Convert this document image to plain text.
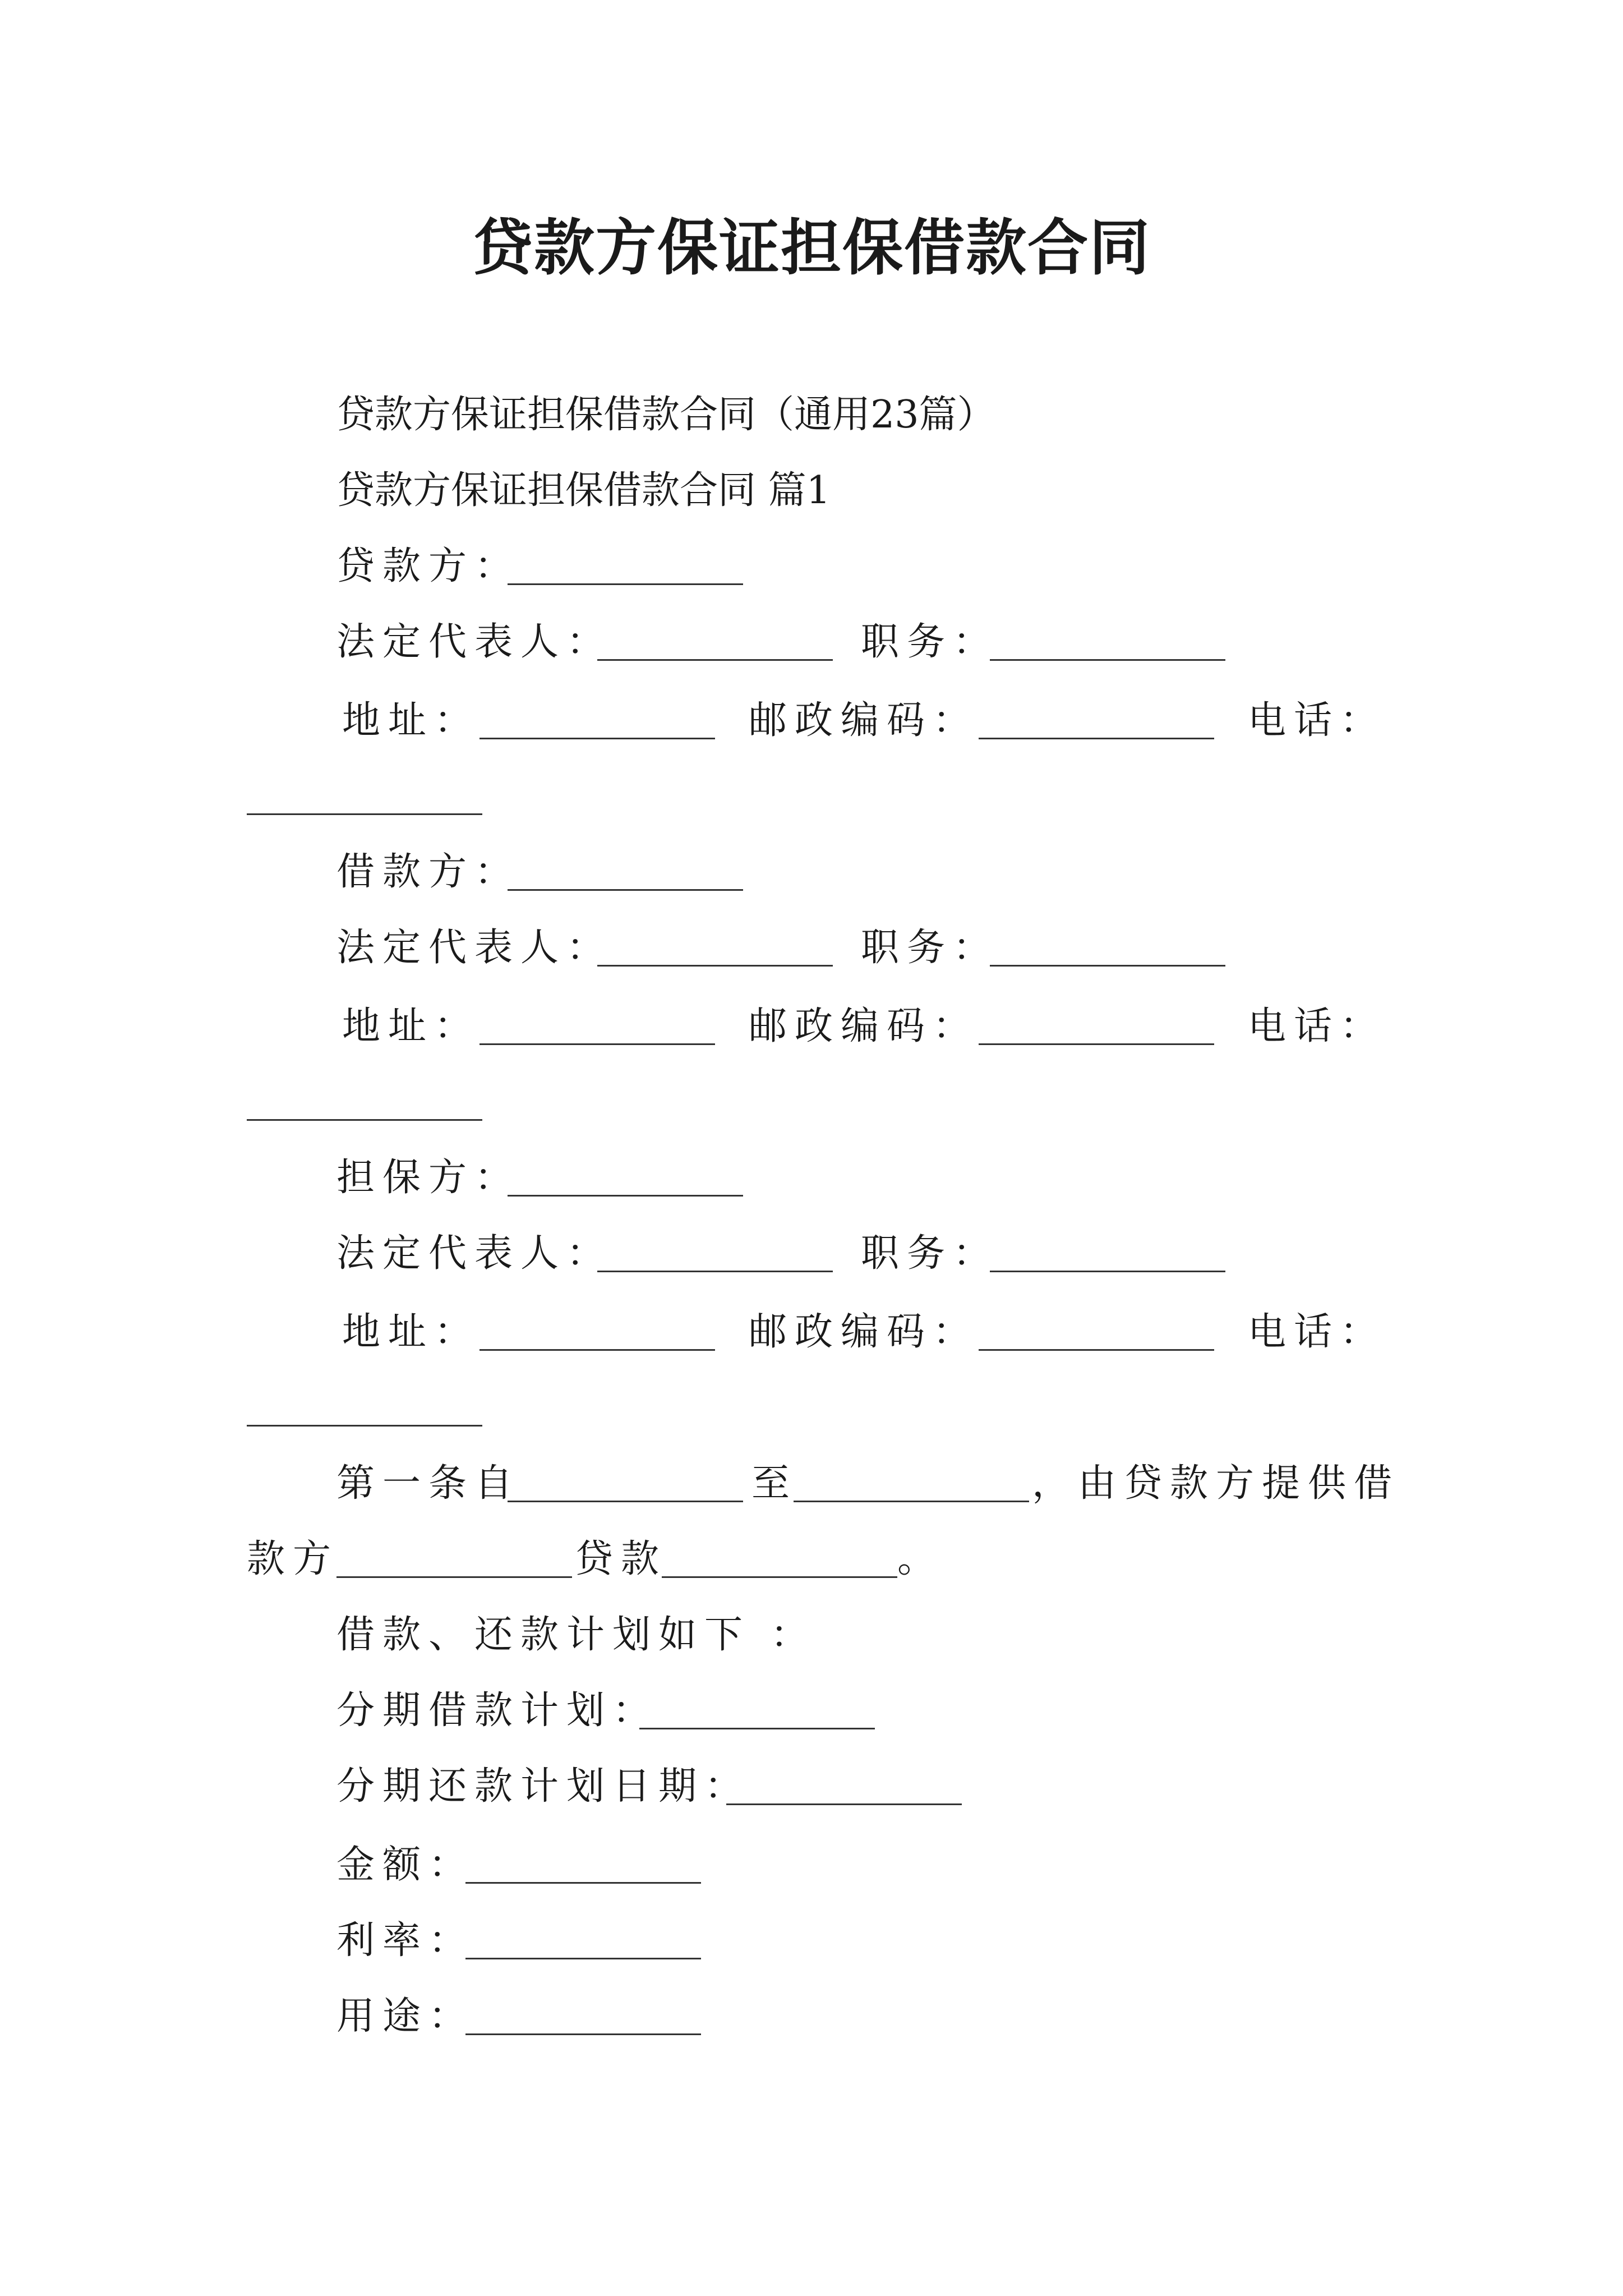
贷款方保证担保借款合同
贷款方保证担保借款合同（通用23篇）
贷款方保证担保借款合同 篇1
贷款方：
法定代表人：	职务：
地址：	邮政编码：	电话：
借款方：
法定代表人：	职务：
地址：	邮政编码：	电话：
担保方：
法定代表人：	职务：
地址：	邮政编码：	电话：
第一条自	至	，由贷款方提供借
款方	贷款	。
借款、还款计划如下 ：
分期借款计划：
分期还款计划日期：
金额：
利率：
用途：
